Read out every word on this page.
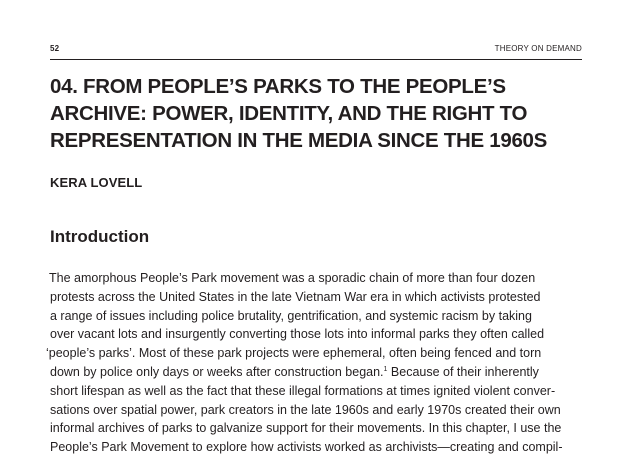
52	THEORY ON DEMAND
04. FROM PEOPLE’S PARKS TO THE PEOPLE’S
ARCHIVE: POWER, IDENTITY, AND THE RIGHT TO
REPRESENTATION IN THE MEDIA SINCE THE 1960S

KERA LOVELL

Introduction
The amorphous People’s Park movement was a sporadic chain of more than four dozen
protests across the United States in the late Vietnam War era in which activists protested
a range of issues including police brutality, gentrification, and systemic racism by taking
over vacant lots and insurgently converting those lots into informal parks they often called
‘people’s parks’. Most of these park projects were ephemeral, often being fenced and torn
down by police only days or weeks after construction began.$^1$ Because of their inherently
short lifespan as well as the fact that these illegal formations at times ignited violent conver-
sations over spatial power, park creators in the late 1960s and early 1970s created their own
informal archives of parks to galvanize support for their movements. In this chapter, I use the
People’s Park Movement to explore how activists worked as archivists—creating and compil-
